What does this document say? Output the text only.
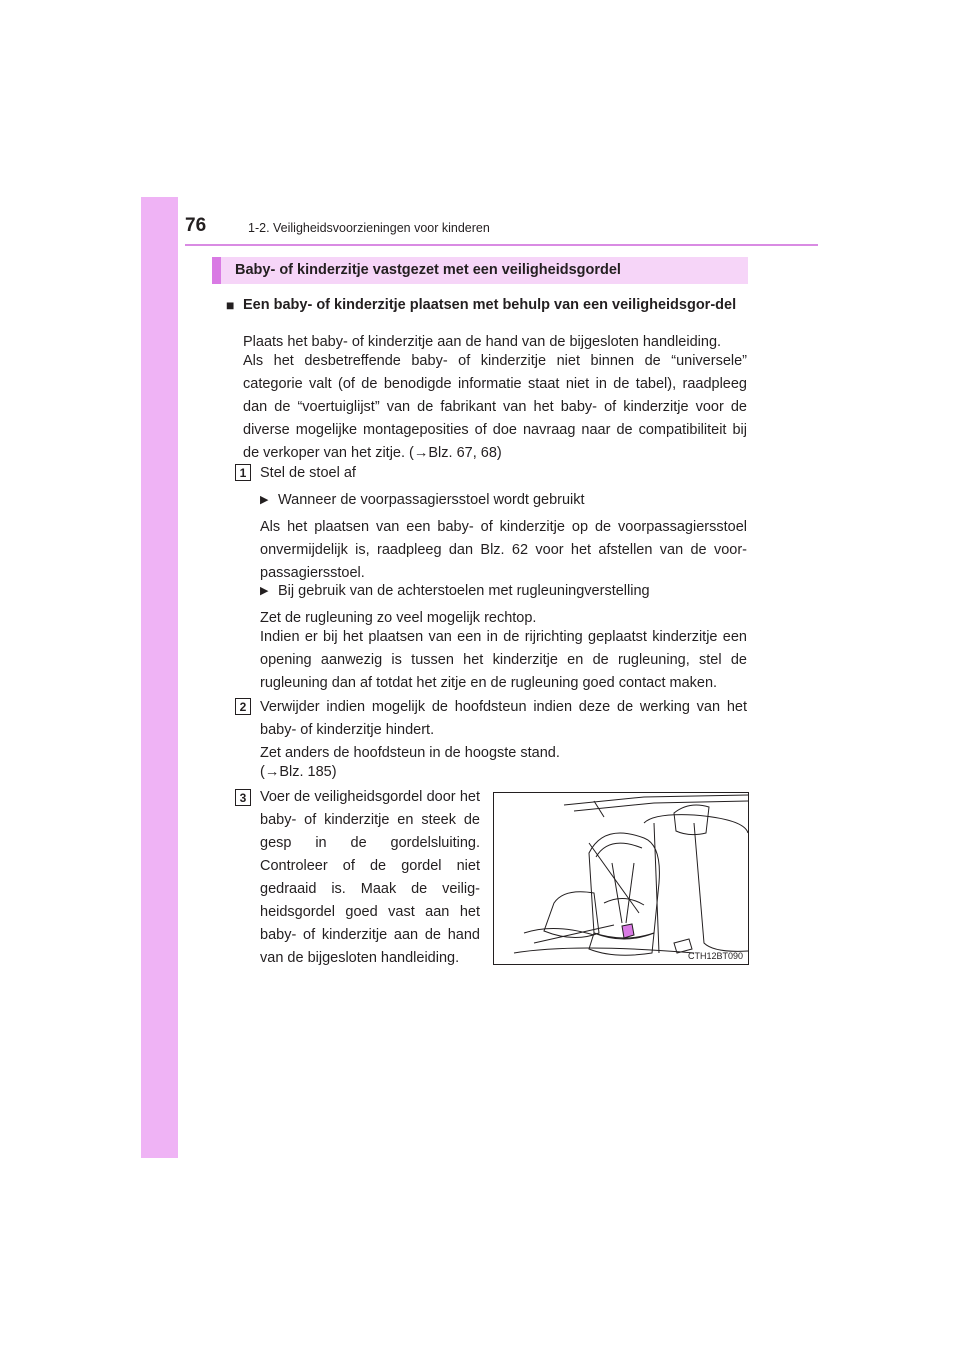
76	1-2. Veiligheidsvoorzieningen voor kinderen
Baby- of kinderzitje vastgezet met een veiligheidsgordel
■ Een baby- of kinderzitje plaatsen met behulp van een veiligheidsgor-del
Plaats het baby- of kinderzitje aan de hand van de bijgesloten handleiding.
Als het desbetreffende baby- of kinderzitje niet binnen de “universele” categorie valt (of de benodigde informatie staat niet in de tabel), raadpleeg dan de “voertuiglijst” van de fabrikant van het baby- of kinderzitje voor de diverse mogelijke montageposities of doe navraag naar de compatibiliteit bij de verkoper van het zitje. (→Blz. 67, 68)
1 Stel de stoel af
▶ Wanneer de voorpassagiersstoel wordt gebruikt
Als het plaatsen van een baby- of kinderzitje op de voorpassagiersstoel onvermijdelijk is, raadpleeg dan Blz. 62 voor het afstellen van de voor-passagiersstoel.
▶ Bij gebruik van de achterstoelen met rugleuningverstelling
Zet de rugleuning zo veel mogelijk rechtop.
Indien er bij het plaatsen van een in de rijrichting geplaatst kinderzitje een opening aanwezig is tussen het kinderzitje en de rugleuning, stel de rugleuning dan af totdat het zitje en de rugleuning goed contact maken.
2 Verwijder indien mogelijk de hoofdsteun indien deze de werking van het baby- of kinderzitje hindert.
Zet anders de hoofdsteun in de hoogste stand.
(→Blz. 185)
3 Voer de veiligheidsgordel door het baby- of kinderzitje en steek de gesp in de gordelsluiting. Controleer of de gordel niet gedraaid is. Maak de veilig-heidsgordel goed vast aan het baby- of kinderzitje aan de hand van de bijgesloten handleiding.	CTH12BT090
